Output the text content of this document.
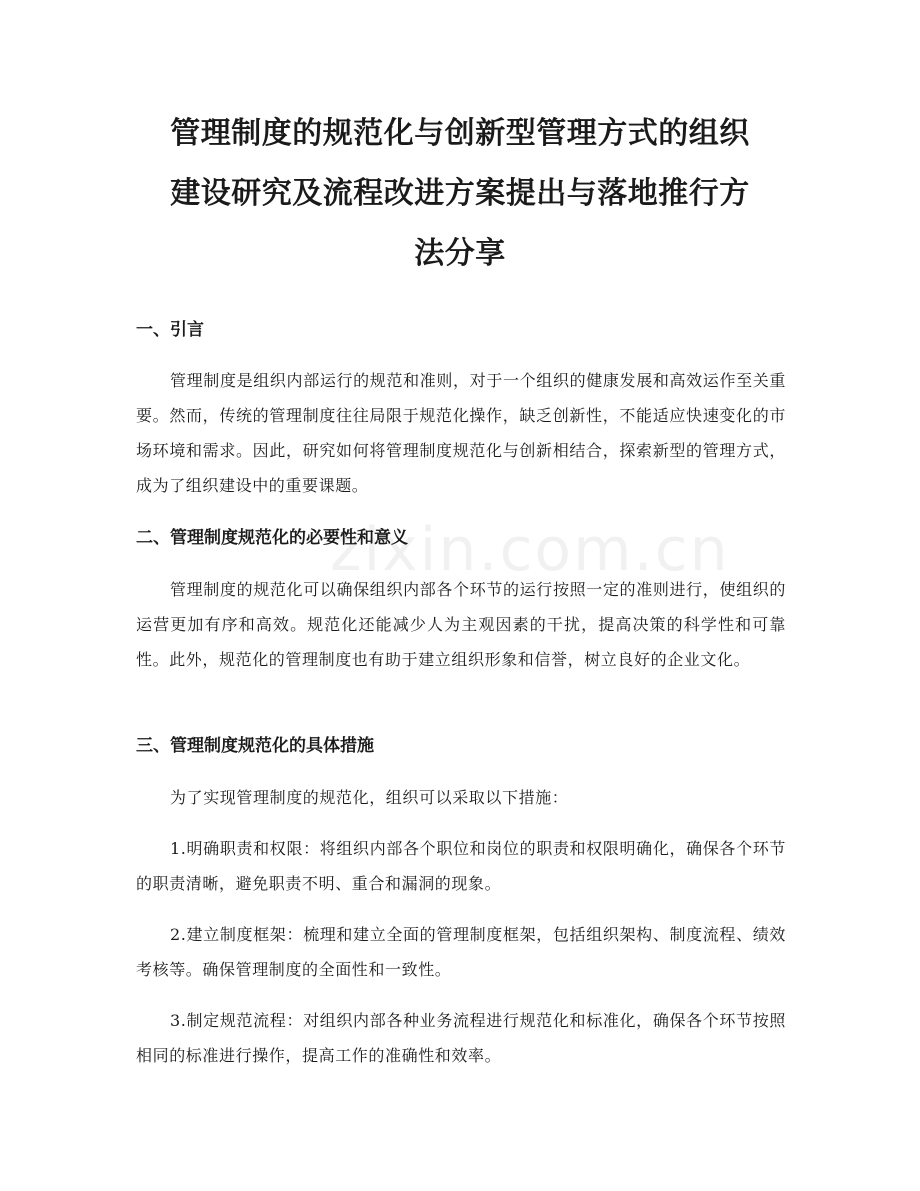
管理制度的规范化与创新型管理方式的组织
建设研究及流程改进方案提出与落地推行方
法分享
zixin.com.cn
一、引言

管理制度是组织内部运行的规范和准则，对于一个组织的健康发展和高效运作至关重要。然而，传统的管理制度往往局限于规范化操作，缺乏创新性，不能适应快速变化的市场环境和需求。因此，研究如何将管理制度规范化与创新相结合，探索新型的管理方式，成为了组织建设中的重要课题。

二、管理制度规范化的必要性和意义

管理制度的规范化可以确保组织内部各个环节的运行按照一定的准则进行，使组织的运营更加有序和高效。规范化还能减少人为主观因素的干扰，提高决策的科学性和可靠性。此外，规范化的管理制度也有助于建立组织形象和信誉，树立良好的企业文化。

三、管理制度规范化的具体措施

为了实现管理制度的规范化，组织可以采取以下措施：

1.明确职责和权限：将组织内部各个职位和岗位的职责和权限明确化，确保各个环节的职责清晰，避免职责不明、重合和漏洞的现象。

2.建立制度框架：梳理和建立全面的管理制度框架，包括组织架构、制度流程、绩效考核等。确保管理制度的全面性和一致性。

3.制定规范流程：对组织内部各种业务流程进行规范化和标准化，确保各个环节按照相同的标准进行操作，提高工作的准确性和效率。
